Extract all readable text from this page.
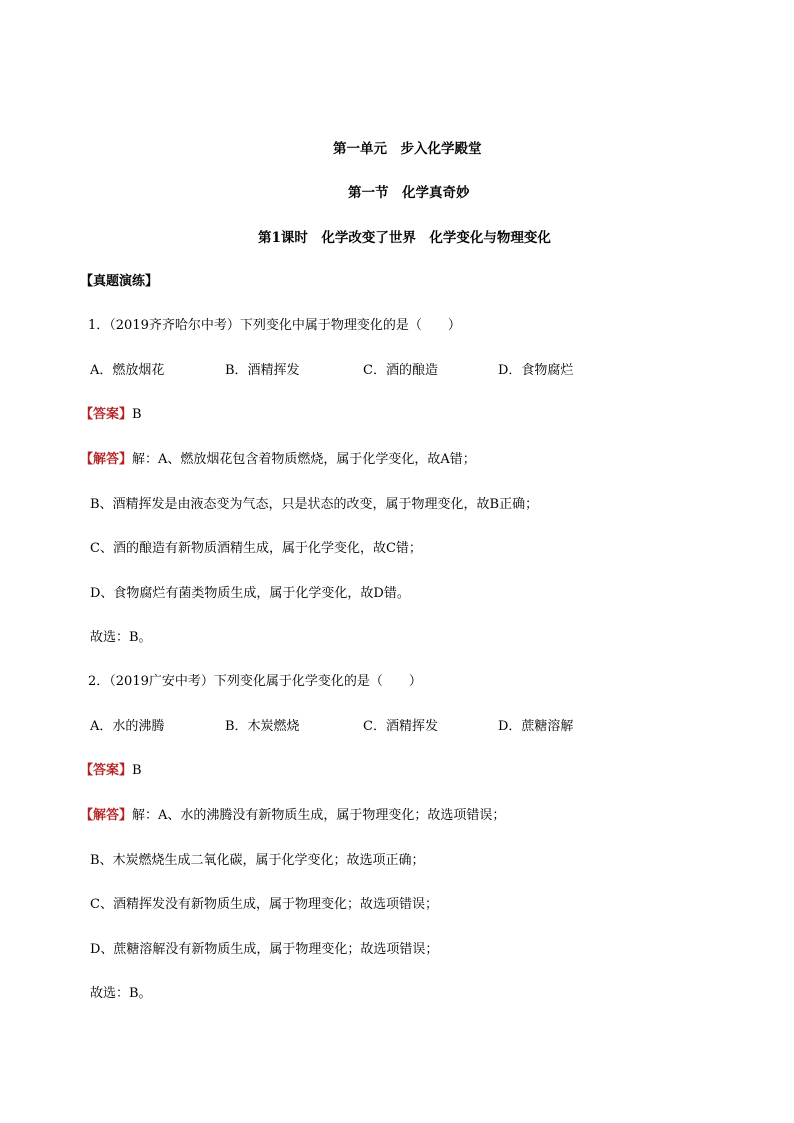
第一单元　步入化学殿堂
第一节　化学真奇妙
第1课时　化学改变了世界　化学变化与物理变化
【真题演练】
1．（2019齐齐哈尔中考）下列变化中属于物理变化的是（　　）
A．燃放烟花	B．酒精挥发	C．酒的酿造	D．食物腐烂
【答案】B
【解答】解：A、燃放烟花包含着物质燃烧，属于化学变化，故A错；
B、酒精挥发是由液态变为气态，只是状态的改变，属于物理变化，故B正确；
C、酒的酿造有新物质酒精生成，属于化学变化，故C错；
D、食物腐烂有菌类物质生成，属于化学变化，故D错。
故选：B。
2．（2019广安中考）下列变化属于化学变化的是（　　）
A．水的沸腾	B．木炭燃烧	C．酒精挥发	D．蔗糖溶解
【答案】B
【解答】解：A、水的沸腾没有新物质生成，属于物理变化；故选项错误；
B、木炭燃烧生成二氧化碳，属于化学变化；故选项正确；
C、酒精挥发没有新物质生成，属于物理变化；故选项错误；
D、蔗糖溶解没有新物质生成，属于物理变化；故选项错误；
故选：B。
